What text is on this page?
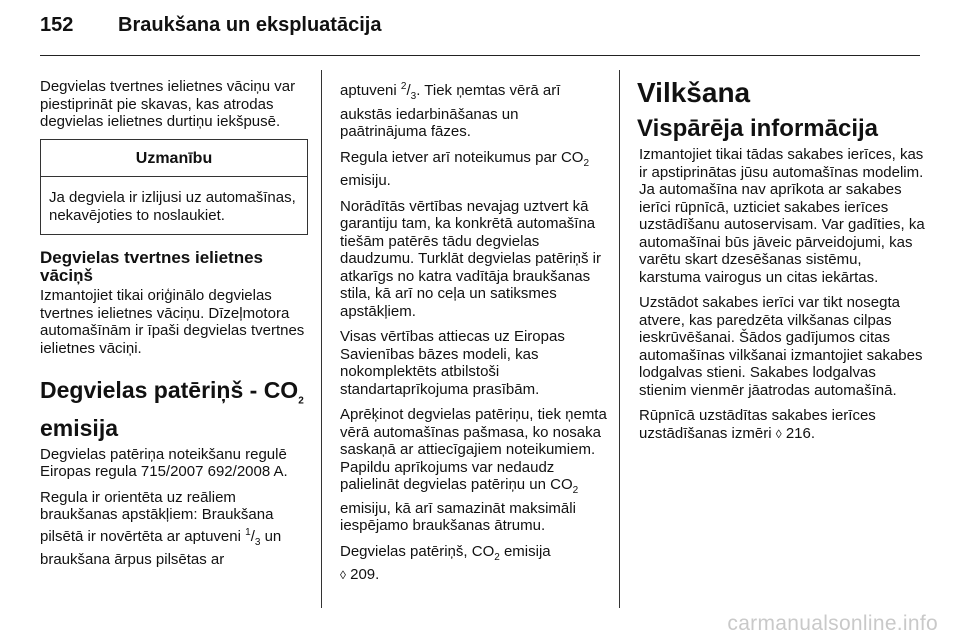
152 Braukšana un ekspluatācija

Degvielas tvertnes ielietnes vāciņu var piestiprināt pie skavas, kas atrodas degvielas ielietnes durtiņu iekšpusē.

Uzmanību
Ja degviela ir izlijusi uz automašīnas, nekavējoties to noslaukiet.
Degvielas tvertnes ielietnes vāciņš

Izmantojiet tikai oriģinālo degvielas tvertnes ielietnes vāciņu. Dīzeļmotora automašīnām ir īpaši degvielas tvertnes ielietnes vāciņi.

Degvielas patēriņš - $CO_2$
emisija

Degvielas patēriņa noteikšanu regulē Eiropas regula 715/2007 692/2008 A.

Regula ir orientēta uz reāliem braukšanas apstākļiem: Braukšana pilsētā ir novērtēta ar aptuveni $^1/_3$ un braukšana ārpus pilsētas ar

aptuveni $^2/_3$. Tiek ņemtas vērā arī aukstās iedarbināšanas un paātrinājuma fāzes.

Regula ietver arī noteikumus par $CO_2$ emisiju.

Norādītās vērtības nevajag uztvert kā garantiju tam, ka konkrētā automašīna tiešām patērēs tādu degvielas daudzumu. Turklāt degvielas patēriņš ir atkarīgs no katra vadītāja braukšanas stila, kā arī no ceļa un satiksmes apstākļiem.

Visas vērtības attiecas uz Eiropas Savienības bāzes modeli, kas nokomplektēts atbilstoši standartaprīkojuma prasībām.

Aprēķinot degvielas patēriņu, tiek ņemta vērā automašīnas pašmasa, ko nosaka saskaņā ar attiecīgajiem noteikumiem. Papildu aprīkojums var nedaudz palielināt degvielas patēriņu un $CO_2$ emisiju, kā arī samazināt maksimāli iespējamo braukšanas ātrumu.

Degvielas patēriņš, $CO_2$ emisija
◊ 209.

Vilkšana
Vispārēja informācija

Izmantojiet tikai tādas sakabes ierīces, kas ir apstiprinātas jūsu automašīnas modelim. Ja automašīna nav aprīkota ar sakabes ierīci rūpnīcā, uzticiet sakabes ierīces uzstādīšanu autoservisam. Var gadīties, ka automašīnai būs jāveic pārveidojumi, kas varētu skart dzesēšanas sistēmu, karstuma vairogus un citas iekārtas.

Uzstādot sakabes ierīci var tikt nosegta atvere, kas paredzēta vilkšanas cilpas ieskrūvēšanai. Šādos gadījumos citas automašīnas vilkšanai izmantojiet sakabes lodgalvas stieni. Sakabes lodgalvas stienim vienmēr jāatrodas automašīnā.

Rūpnīcā uzstādītas sakabes ierīces uzstādīšanas izmēri ◊ 216.

carmanualsonline.info
